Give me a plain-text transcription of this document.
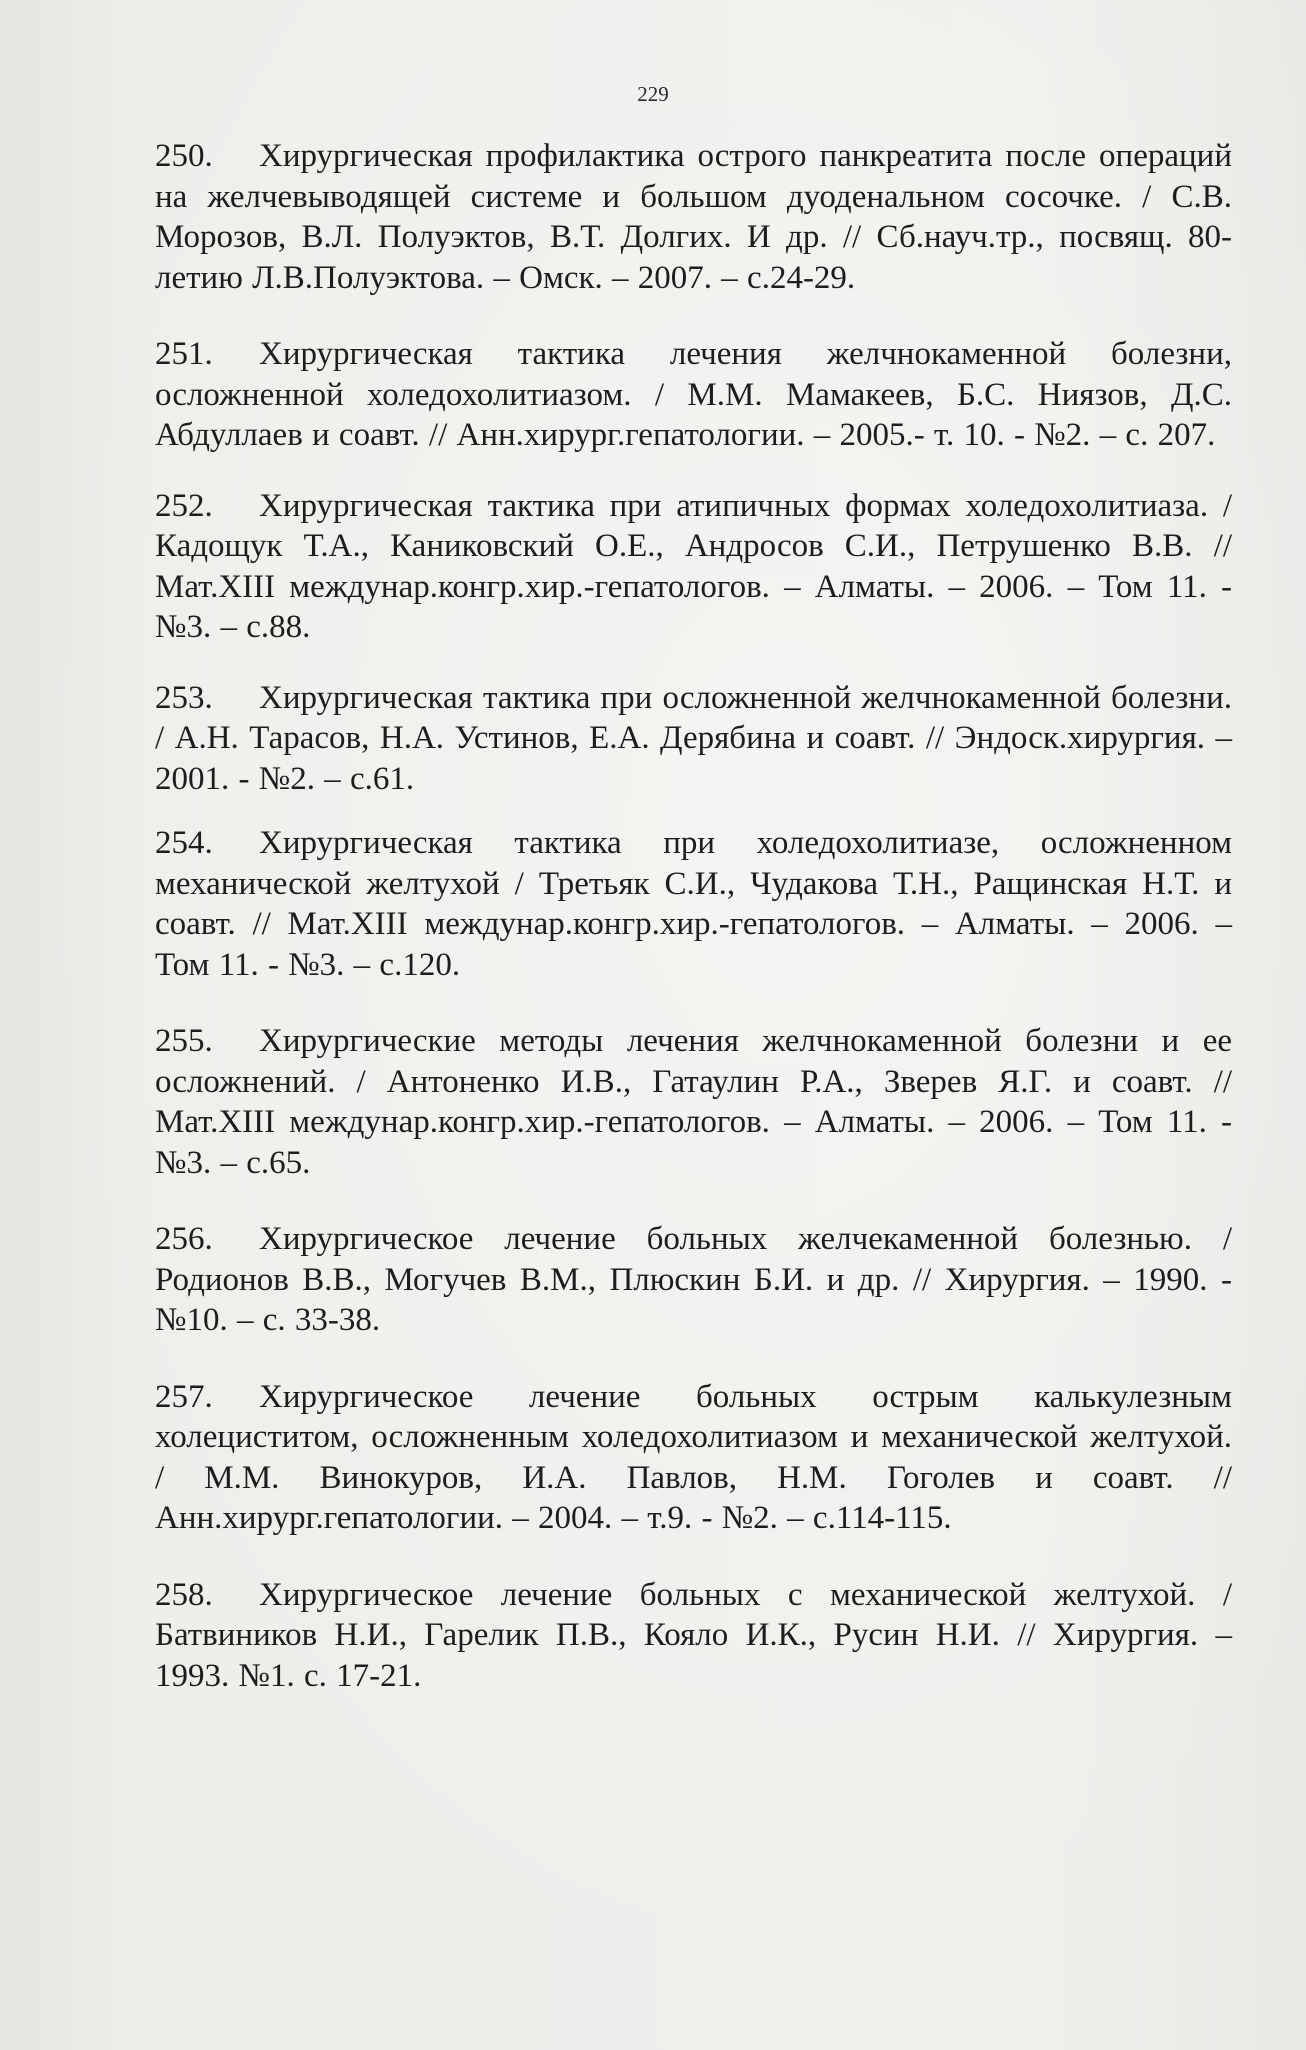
229

250. Хирургическая профилактика острого панкреатита после операций на желчевыводящей системе и большом дуоденальном сосочке. / С.В. Морозов, В.Л. Полуэктов, В.Т. Долгих. И др. // Сб.науч.тр., посвящ. 80-летию Л.В.Полуэктова. – Омск. – 2007. – с.24-29.

251. Хирургическая тактика лечения желчнокаменной болезни, осложненной холедохолитиазом. / М.М. Мамакеев, Б.С. Ниязов, Д.С. Абдуллаев и соавт. // Анн.хирург.гепатологии. – 2005.- т. 10. - №2. – с. 207.

252. Хирургическая тактика при атипичных формах холедохолитиаза. / Кадощук Т.А., Каниковский О.Е., Андросов С.И., Петрушенко В.В. // Мат.XIII междунар.конгр.хир.-гепатологов. – Алматы. – 2006. – Том 11. - №3. – с.88.

253. Хирургическая тактика при осложненной желчнокаменной болезни. / А.Н. Тарасов, Н.А. Устинов, Е.А. Дерябина и соавт. // Эндоск.хирургия. – 2001. - №2. – с.61.

254. Хирургическая тактика при холедохолитиазе, осложненном механической желтухой / Третьяк С.И., Чудакова Т.Н., Ращинская Н.Т. и соавт. // Мат.XIII междунар.конгр.хир.-гепатологов. – Алматы. – 2006. – Том 11. - №3. – с.120.

255. Хирургические методы лечения желчнокаменной болезни и ее осложнений. / Антоненко И.В., Гатаулин Р.А., Зверев Я.Г. и соавт. // Мат.XIII междунар.конгр.хир.-гепатологов. – Алматы. – 2006. – Том 11. - №3. – с.65.

256. Хирургическое лечение больных желчекаменной болезнью. / Родионов В.В., Могучев В.М., Плюскин Б.И. и др. // Хирургия. – 1990. - №10. – с. 33-38.

257. Хирургическое лечение больных острым калькулезным холециститом, осложненным холедохолитиазом и механической желтухой. / М.М. Винокуров, И.А. Павлов, Н.М. Гоголев и соавт. // Анн.хирург.гепатологии. – 2004. – т.9. - №2. – с.114-115.

258. Хирургическое лечение больных с механической желтухой. / Батвиников Н.И., Гарелик П.В., Кояло И.К., Русин Н.И. // Хирургия. – 1993. №1. с. 17-21.
